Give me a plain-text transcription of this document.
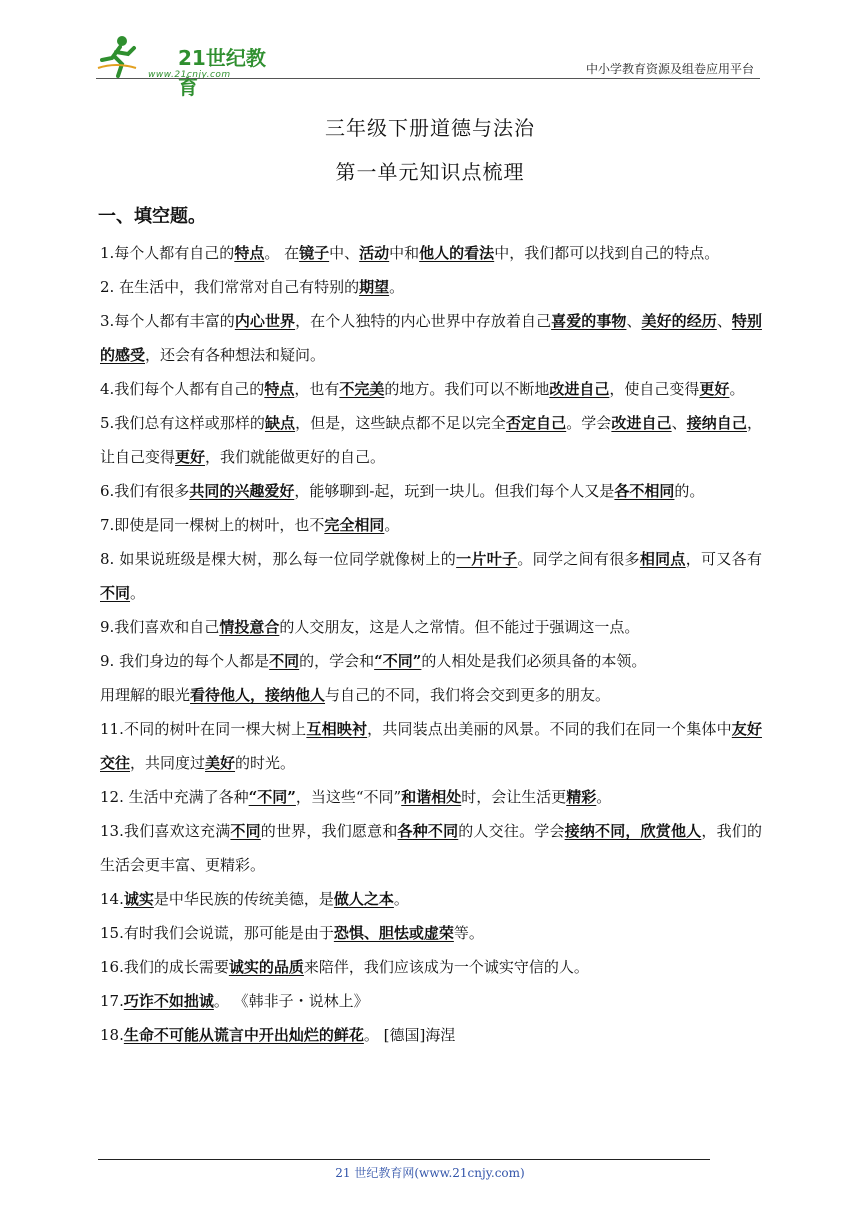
21世纪教育
www.21cnjy.com	中小学教育资源及组卷应用平台
三年级下册道德与法治
第一单元知识点梳理
一、填空题。
1.每个人都有自己的特点。 在镜子中、活动中和他人的看法中，我们都可以找到自己的特点。
2. 在生活中，我们常常对自己有特别的期望。
3.每个人都有丰富的内心世界，在个人独特的内心世界中存放着自己喜爱的事物、美好的经历、特别的感受，还会有各种想法和疑问。
4.我们每个人都有自己的特点，也有不完美的地方。我们可以不断地改进自己，使自己变得更好。
5.我们总有这样或那样的缺点，但是，这些缺点都不足以完全否定自己。学会改进自己、接纳自己，让自己变得更好，我们就能做更好的自己。
6.我们有很多共同的兴趣爱好，能够聊到-起，玩到一块儿。但我们每个人又是各不相同的。
7.即使是同一棵树上的树叶，也不完全相同。
8. 如果说班级是棵大树，那么每一位同学就像树上的一片叶子。同学之间有很多相同点，可又各有不同。
9.我们喜欢和自己情投意合的人交朋友，这是人之常情。但不能过于强调这一点。
9. 我们身边的每个人都是不同的，学会和“不同”的人相处是我们必须具备的本领。
用理解的眼光看待他人，接纳他人与自己的不同，我们将会交到更多的朋友。
11.不同的树叶在同一棵大树上互相映衬，共同装点出美丽的风景。不同的我们在同一个集体中友好交往，共同度过美好的时光。
12. 生活中充满了各种“不同”，当这些“不同”和谐相处时，会让生活更精彩。
13.我们喜欢这充满不同的世界，我们愿意和各种不同的人交往。学会接纳不同，欣赏他人，我们的生活会更丰富、更精彩。
14.诚实是中华民族的传统美德，是做人之本。
15.有时我们会说谎，那可能是由于恐惧、胆怯或虚荣等。
16.我们的成长需要诚实的品质来陪伴，我们应该成为一个诚实守信的人。
17.巧诈不如拙诚。 《韩非子・说林上》
18.生命不可能从谎言中开出灿烂的鲜花。 [德国]海涅
21 世纪教育网(www.21cnjy.com)
